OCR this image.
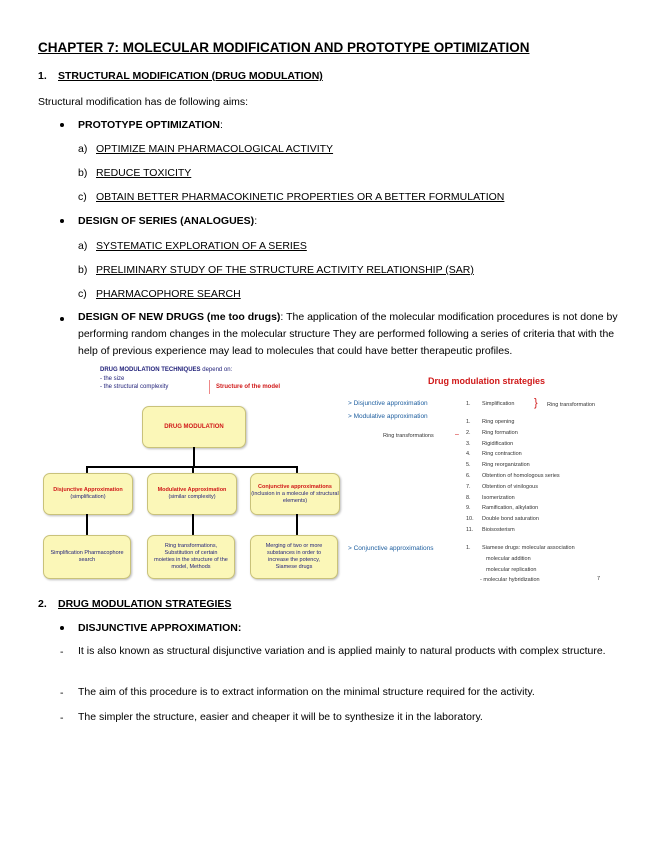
CHAPTER 7: MOLECULAR MODIFICATION AND PROTOTYPE OPTIMIZATION
1. STRUCTURAL MODIFICATION (DRUG MODULATION)
Structural modification has de following aims:
PROTOTYPE OPTIMIZATION:
a) OPTIMIZE MAIN PHARMACOLOGICAL ACTIVITY
b) REDUCE TOXICITY
c) OBTAIN BETTER PHARMACOKINETIC PROPERTIES OR A BETTER FORMULATION
DESIGN OF SERIES (ANALOGUES):
a) SYSTEMATIC EXPLORATION OF A SERIES
b) PRELIMINARY STUDY OF THE STRUCTURE ACTIVITY RELATIONSHIP (SAR)
c) PHARMACOPHORE SEARCH
DESIGN OF NEW DRUGS (me too drugs): The application of the molecular modification procedures is not done by performing random changes in the molecular structure They are performed following a series of criteria that with the help of previous experience may lead to molecules that could have better therapeutic profiles.
DRUG MODULATION TECHNIQUES depend on:
- the size
- the structural complexity	Structure of the model
DRUG MODULATION
Disjunctive Approximation
(simplification)
Modulative Approximation
(similar complexity)
Conjunctive approximations
(inclusion in a molecule of structural elements)
Simplification Pharmacophore search
Ring transformations, Substitution of certain moieties in the structure of the model, Methods
Merging of two or more substances in order to increase the potency, Siamese drugs
Drug modulation strategies
> Disjunctive approximation
> Modulative approximation
Ring transformations	–
1. Simplification } Ring transformation
1. Ring opening
2. Ring formation
3. Rigidification
4. Ring contraction
5. Ring reorganization
6. Obtention of homologous series
7. Obtention of vinilogous
8. Isomerization
9. Ramification, alkylation
10. Double bond saturation
11. Bioisosterism
> Conjunctive approximations	1. Siamese drugs: molecular association
molecular addition
molecular replication
- molecular hybridization	7
2. DRUG MODULATION STRATEGIES
DISJUNCTIVE APPROXIMATION:
- It is also known as structural disjunctive variation and is applied mainly to natural products with complex structure.
- The aim of this procedure is to extract information on the minimal structure required for the activity.
- The simpler the structure, easier and cheaper it will be to synthesize it in the laboratory.
